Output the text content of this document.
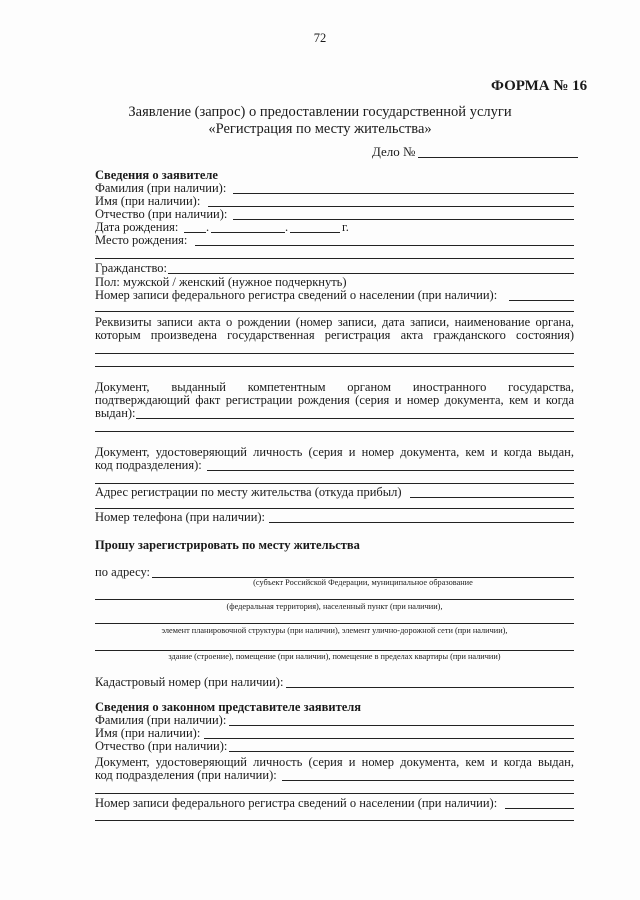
72
ФОРМА № 16
Заявление (запрос) о предоставлении государственной услуги
«Регистрация по месту жительства»
Дело №
Сведения о заявителе
Фамилия (при наличии):
Имя (при наличии):
Отчество (при наличии):
Дата рождения: .	.	г.
Место рождения:
Гражданство:
Пол: мужской / женский (нужное подчеркнуть)
Номер записи федерального регистра сведений о населении (при наличии):
Реквизиты записи акта о рождении (номер записи, дата записи, наименование органа,
которым произведена государственная регистрация акта гражданского состояния)
Документ, выданный компетентным органом иностранного государства,
подтверждающий факт регистрации рождения (серия и номер документа, кем и когда
выдан):
Документ, удостоверяющий личность (серия и номер документа, кем и когда выдан,
код подразделения):
Адрес регистрации по месту жительства (откуда прибыл)
Номер телефона (при наличии):
Прошу зарегистрировать по месту жительства
по адресу:
(субъект Российской Федерации, муниципальное образование
(федеральная территория), населенный пункт (при наличии),
элемент планировочной структуры (при наличии), элемент улично-дорожной сети (при наличии),
здание (строение), помещение (при наличии), помещение в пределах квартиры (при наличии)
Кадастровый номер (при наличии):
Сведения о законном представителе заявителя
Фамилия (при наличии):
Имя (при наличии):
Отчество (при наличии):
Документ, удостоверяющий личность (серия и номер документа, кем и когда выдан,
код подразделения (при наличии):
Номер записи федерального регистра сведений о населении (при наличии):
